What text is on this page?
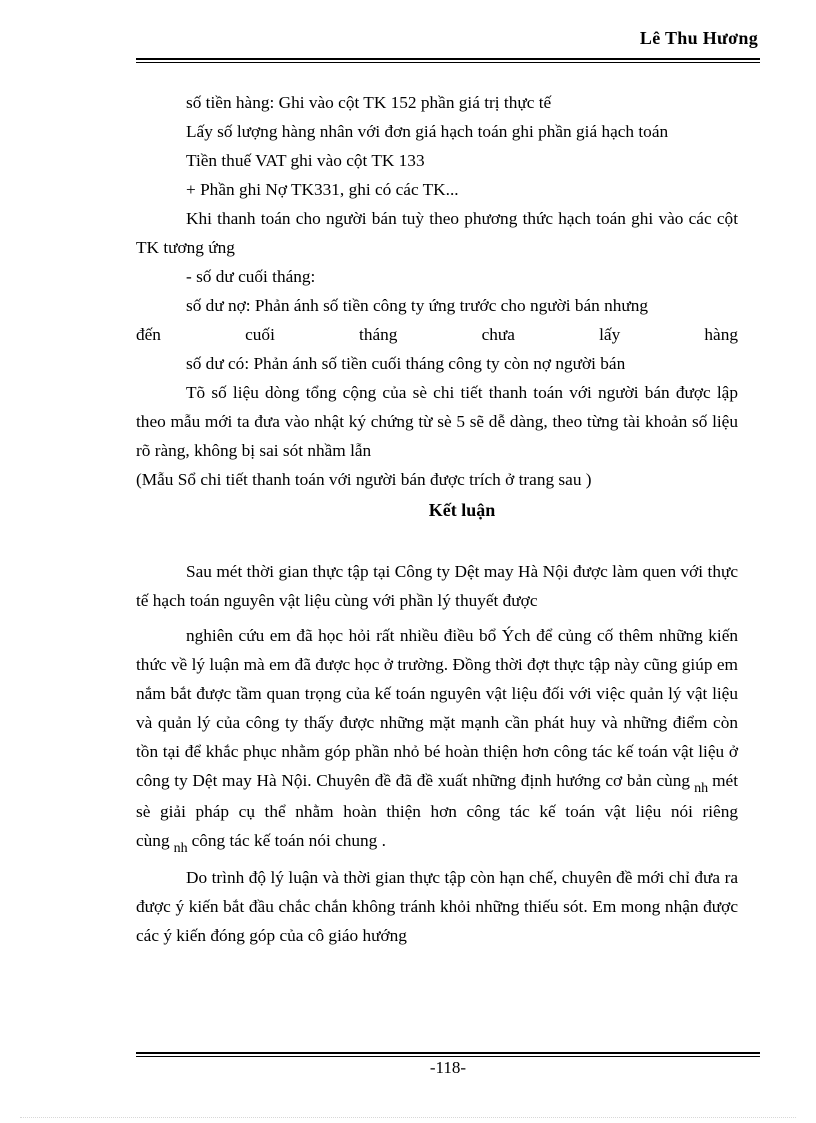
Lê Thu Hương

số tiền hàng: Ghi vào cột TK 152 phần giá trị thực tế

Lấy số lượng hàng nhân với đơn giá hạch toán ghi phần giá hạch toán

Tiền thuế VAT ghi vào cột TK 133

+ Phần ghi Nợ TK331, ghi có các TK...

Khi thanh toán cho người bán tuỳ theo phương thức hạch toán ghi vào các cột TK tương ứng

- số dư cuối tháng:

số dư nợ: Phản ánh số tiền công ty ứng trước cho người bán nhưng

đến cuối tháng chưa lấy hàng

số dư có: Phản ánh số tiền cuối tháng công ty còn nợ người bán

Tõ số liệu dòng tổng cộng của sè chi tiết thanh toán với người bán được lập theo mẫu mới ta đưa vào nhật ký chứng từ sè 5 sẽ dễ dàng, theo từng tài khoản số liệu rõ ràng, không bị sai sót nhầm lẫn

(Mẫu Sổ chi tiết thanh toán với người bán được trích ở trang sau )

Kết luận

Sau mét thời gian thực tập tại Công ty Dệt may Hà Nội được làm quen với thực tế hạch toán nguyên vật liệu cùng với phần lý thuyết được

nghiên cứu em đã học hỏi rất nhiều điều bổ Ých để củng cố thêm những kiến thức về lý luận mà em đã được học ở trường. Đồng thời đợt thực tập này cũng giúp em nắm bắt được tầm quan trọng của kế toán nguyên vật liệu đối với việc quản lý vật liệu và quản lý của công ty thấy được những mặt mạnh cần phát huy và những điểm còn tồn tại để khắc phục nhằm góp phần nhỏ bé hoàn thiện hơn công tác kế toán vật liệu ở công ty Dệt may Hà Nội. Chuyên đề đã đề xuất những định hướng cơ bản cùng $_{nh}$ mét sè giải pháp cụ thể nhằm hoàn thiện hơn công tác kế toán vật liệu nói riêng cùng $_{nh}$ công tác kế toán nói chung .

Do trình độ lý luận và thời gian thực tập còn hạn chế, chuyên đề mới chỉ đưa ra được ý kiến bắt đầu chắc chắn không tránh khỏi những thiếu sót. Em mong nhận được các ý kiến đóng góp của cô giáo hướng

-118-
